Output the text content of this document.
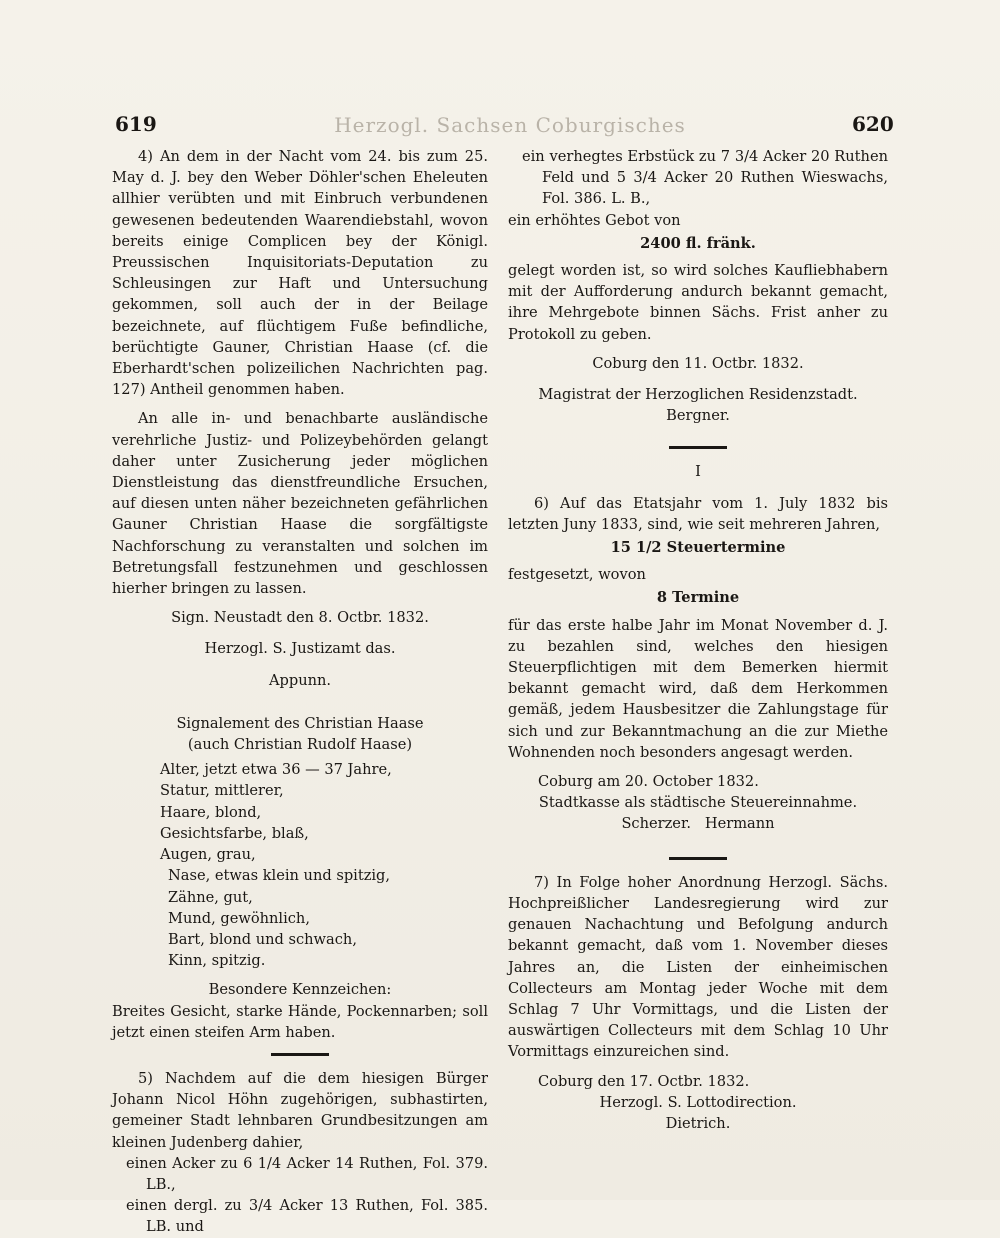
619	Herzogl. Sachsen Coburgisches	620

4) An dem in der Nacht vom 24. bis zum 25. May d. J. bey den Weber Döhler'schen Eheleuten allhier verübten und mit Einbruch verbundenen gewesenen bedeutenden Waarendiebstahl, wovon bereits einige Complicen bey der Königl. Preussischen Inquisitoriats-Deputation zu Schleusingen zur Haft und Untersuchung gekommen, soll auch der in der Beilage bezeichnete, auf flüchtigem Fuße befindliche, berüchtigte Gauner, Christian Haase (cf. die Eberhardt'schen polizeilichen Nachrichten pag. 127) Antheil genommen haben.

An alle in- und benachbarte ausländische verehrliche Justiz- und Polizeybehörden gelangt daher unter Zusicherung jeder möglichen Dienstleistung das dienstfreundliche Ersuchen, auf diesen unten näher bezeichneten gefährlichen Gauner Christian Haase die sorgfältigste Nachforschung zu veranstalten und solchen im Betretungsfall festzunehmen und geschlossen hierher bringen zu lassen.

Sign. Neustadt den 8. Octbr. 1832.

Herzogl. S. Justizamt das.

Appunn.

Signalement des Christian Haase

(auch Christian Rudolf Haase)

Alter, jetzt etwa 36 — 37 Jahre,

Statur, mittlerer,

Haare, blond,

Gesichtsfarbe, blaß,

Augen, grau,

Nase, etwas klein und spitzig,

Zähne, gut,

Mund, gewöhnlich,

Bart, blond und schwach,

Kinn, spitzig.

Besondere Kennzeichen:

Breites Gesicht, starke Hände, Pockennarben; soll jetzt einen steifen Arm haben.

5) Nachdem auf die dem hiesigen Bürger Johann Nicol Höhn zugehörigen, subhastirten, gemeiner Stadt lehnbaren Grundbesitzungen am kleinen Judenberg dahier,

einen Acker zu 6 1/4 Acker 14 Ruthen, Fol. 379. LB.,

einen dergl. zu 3/4 Acker 13 Ruthen, Fol. 385. LB. und

ein verhegtes Erbstück zu 7 3/4 Acker 20 Ruthen Feld und 5 3/4 Acker 20 Ruthen Wieswachs, Fol. 386. L. B.,

ein erhöhtes Gebot von

2400 fl. fränk.

gelegt worden ist, so wird solches Kaufliebhabern mit der Aufforderung andurch bekannt gemacht, ihre Mehrgebote binnen Sächs. Frist anher zu Protokoll zu geben.

Coburg den 11. Octbr. 1832.

Magistrat der Herzoglichen Residenzstadt.

Bergner.

I

6) Auf das Etatsjahr vom 1. July 1832 bis letzten Juny 1833, sind, wie seit mehreren Jahren,

15 1/2 Steuertermine

festgesetzt, wovon

8 Termine

für das erste halbe Jahr im Monat November d. J. zu bezahlen sind, welches den hiesigen Steuerpflichtigen mit dem Bemerken hiermit bekannt gemacht wird, daß dem Herkommen gemäß, jedem Hausbesitzer die Zahlungstage für sich und zur Bekanntmachung an die zur Miethe Wohnenden noch besonders angesagt werden.

Coburg am 20. October 1832.

Stadtkasse als städtische Steuereinnahme.

Scherzer.   Hermann

7) In Folge hoher Anordnung Herzogl. Sächs. Hochpreißlicher Landesregierung wird zur genauen Nachachtung und Befolgung andurch bekannt gemacht, daß vom 1. November dieses Jahres an, die Listen der einheimischen Collecteurs am Montag jeder Woche mit dem Schlag 7 Uhr Vormittags, und die Listen der auswärtigen Collecteurs mit dem Schlag 10 Uhr Vormittags einzureichen sind.

Coburg den 17. Octbr. 1832.

Herzogl. S. Lottodirection.

Dietrich.
